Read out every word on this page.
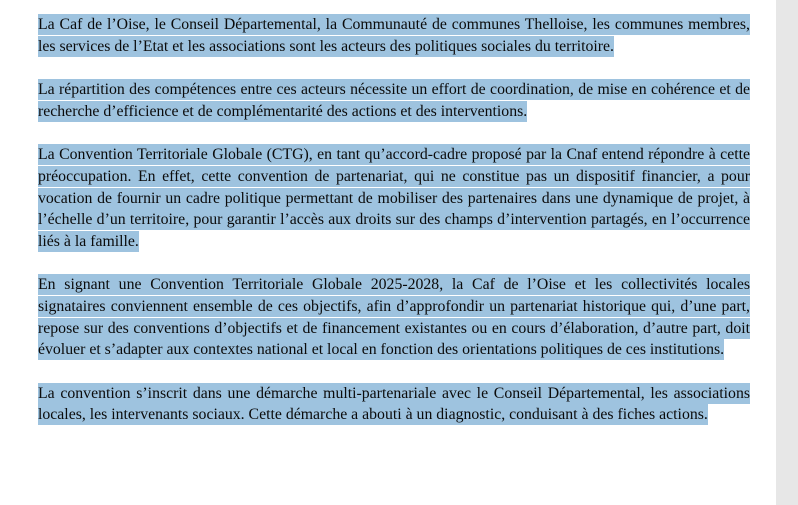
La Caf de l’Oise, le Conseil Départemental, la Communauté de communes Thelloise, les communes membres, les services de l’Etat et les associations sont les acteurs des politiques sociales du territoire.

La répartition des compétences entre ces acteurs nécessite un effort de coordination, de mise en cohérence et de recherche d’efficience et de complémentarité des actions et des interventions.

La Convention Territoriale Globale (CTG), en tant qu’accord-cadre proposé par la Cnaf entend répondre à cette préoccupation. En effet, cette convention de partenariat, qui ne constitue pas un dispositif financier, a pour vocation de fournir un cadre politique permettant de mobiliser des partenaires dans une dynamique de projet, à l’échelle d’un territoire, pour garantir l’accès aux droits sur des champs d’intervention partagés, en l’occurrence liés à la famille.

En signant une Convention Territoriale Globale 2025-2028, la Caf de l’Oise et les collectivités locales signataires conviennent ensemble de ces objectifs, afin d’approfondir un partenariat historique qui, d’une part, repose sur des conventions d’objectifs et de financement existantes ou en cours d’élaboration, d’autre part, doit évoluer et s’adapter aux contextes national et local en fonction des orientations politiques de ces institutions.

La convention s’inscrit dans une démarche multi-partenariale avec le Conseil Départemental, les associations locales, les intervenants sociaux. Cette démarche a abouti à un diagnostic, conduisant à des fiches actions.
